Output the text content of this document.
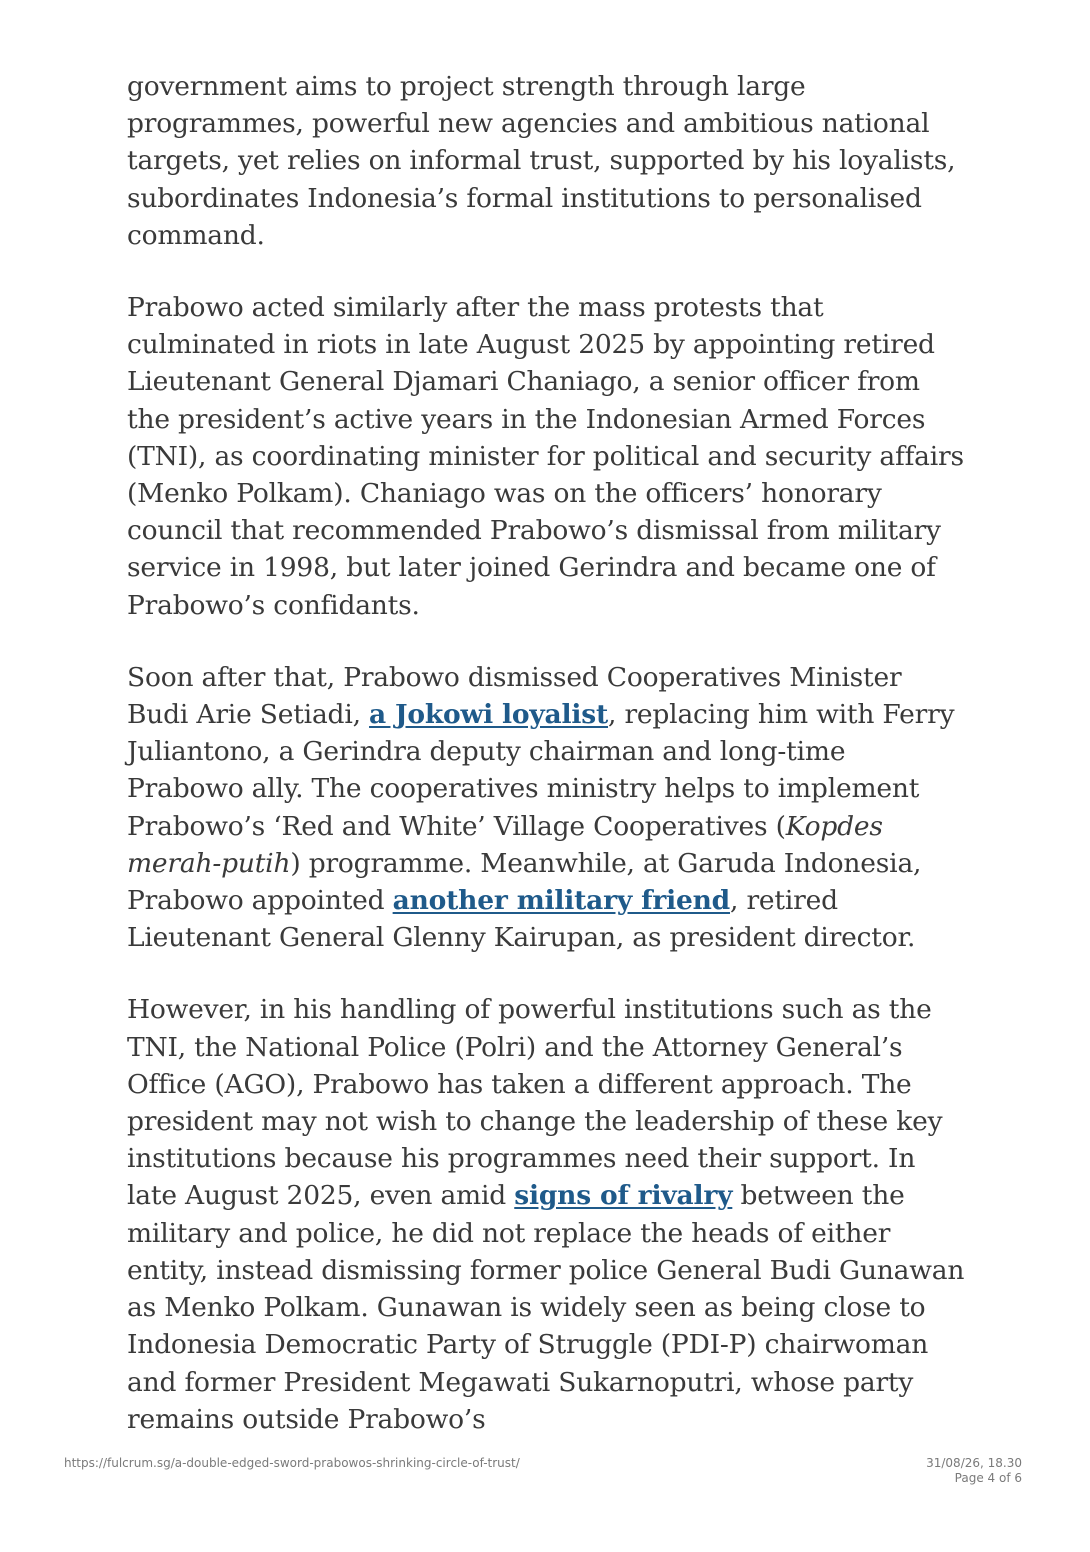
government aims to project strength through large programmes, powerful new agencies and ambitious national targets, yet relies on informal trust, supported by his loyalists, subordinates Indonesia’s formal institutions to personalised command.

Prabowo acted similarly after the mass protests that culminated in riots in late August 2025 by appointing retired Lieutenant General Djamari Chaniago, a senior officer from the president’s active years in the Indonesian Armed Forces (TNI), as coordinating minister for political and security affairs (Menko Polkam). Chaniago was on the officers’ honorary council that recommended Prabowo’s dismissal from military service in 1998, but later joined Gerindra and became one of Prabowo’s confidants.

Soon after that, Prabowo dismissed Cooperatives Minister Budi Arie Setiadi, a Jokowi loyalist, replacing him with Ferry Juliantono, a Gerindra deputy chairman and long-time Prabowo ally. The cooperatives ministry helps to implement Prabowo’s ‘Red and White’ Village Cooperatives (Kopdes merah-putih) programme. Meanwhile, at Garuda Indonesia, Prabowo appointed another military friend, retired Lieutenant General Glenny Kairupan, as president director.

However, in his handling of powerful institutions such as the TNI, the National Police (Polri) and the Attorney General’s Office (AGO), Prabowo has taken a different approach. The president may not wish to change the leadership of these key institutions because his programmes need their support. In late August 2025, even amid signs of rivalry between the military and police, he did not replace the heads of either entity, instead dismissing former police General Budi Gunawan as Menko Polkam. Gunawan is widely seen as being close to Indonesia Democratic Party of Struggle (PDI-P) chairwoman and former President Megawati Sukarnoputri, whose party remains outside Prabowo’s

https://fulcrum.sg/a-double-edged-sword-prabowos-shrinking-circle-of-trust/	31/08/26, 18.30
Page 4 of 6
